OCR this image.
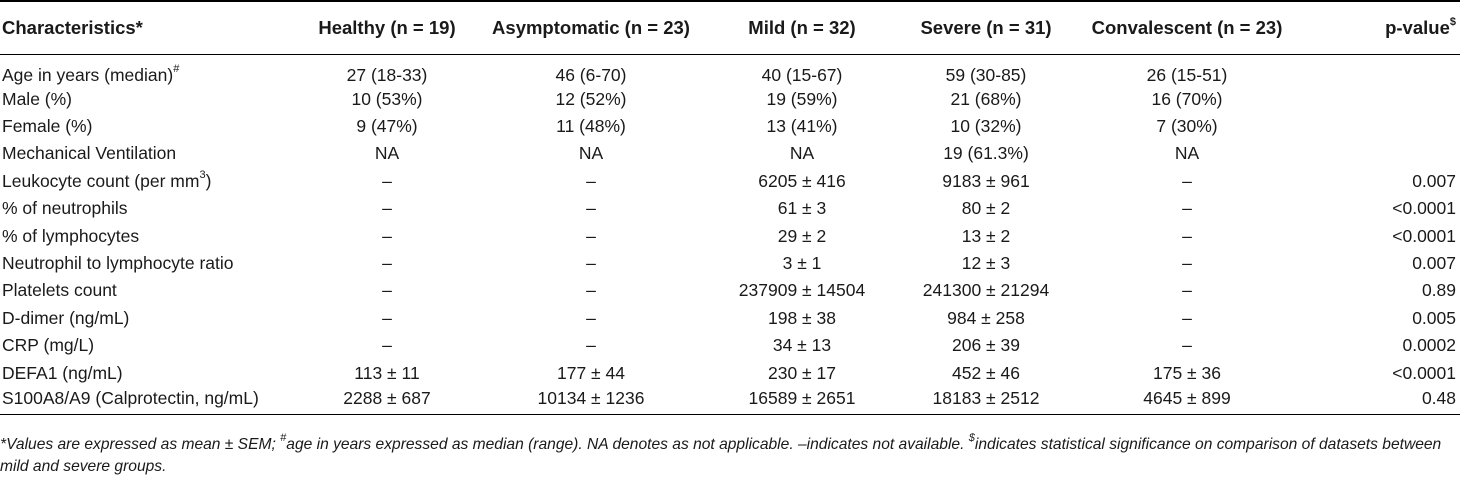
Characteristics*	Healthy (n = 19)	Asymptomatic (n = 23)	Mild (n = 32)	Severe (n = 31)	Convalescent (n = 23)	p-value$
Age in years (median)#	27 (18-33)	46 (6-70)	40 (15-67)	59 (30-85)	26 (15-51)	
Male (%)	10 (53%)	12 (52%)	19 (59%)	21 (68%)	16 (70%)	
Female (%)	9 (47%)	11 (48%)	13 (41%)	10 (32%)	7 (30%)	
Mechanical Ventilation	NA	NA	NA	19 (61.3%)	NA	
Leukocyte count (per $mm^3$)	–	–	6205 ± 416	9183 ± 961	–	0.007
% of neutrophils	–	–	61 ± 3	80 ± 2	–	<0.0001
% of lymphocytes	–	–	29 ± 2	13 ± 2	–	<0.0001
Neutrophil to lymphocyte ratio	–	–	3 ± 1	12 ± 3	–	0.007
Platelets count	–	–	237909 ± 14504	241300 ± 21294	–	0.89
D-dimer (ng/mL)	–	–	198 ± 38	984 ± 258	–	0.005
CRP (mg/L)	–	–	34 ± 13	206 ± 39	–	0.0002
DEFA1 (ng/mL)	113 ± 11	177 ± 44	230 ± 17	452 ± 46	175 ± 36	<0.0001
S100A8/A9 (Calprotectin, ng/mL)	2288 ± 687	10134 ± 1236	16589 ± 2651	18183 ± 2512	4645 ± 899	0.48
*Values are expressed as mean ± SEM; #age in years expressed as median (range). NA denotes as not applicable. –indicates not available. $indicates statistical significance on comparison of datasets between mild and severe groups.
